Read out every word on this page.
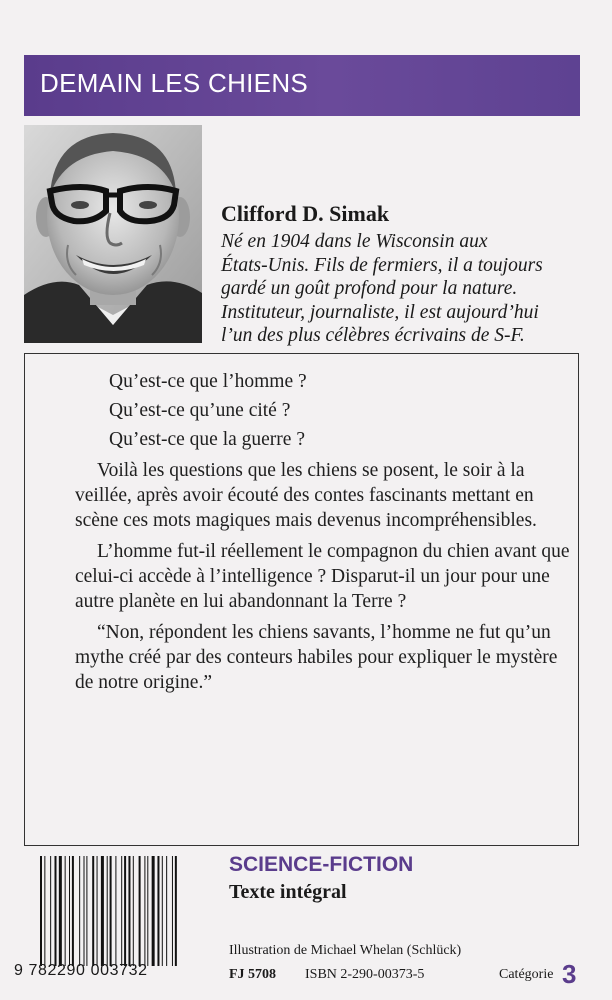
DEMAIN LES CHIENS
Clifford D. Simak
Né en 1904 dans le Wisconsin aux
États-Unis. Fils de fermiers, il a toujours
gardé un goût profond pour la nature.
Instituteur, journaliste, il est aujourd’hui
l’un des plus célèbres écrivains de S-F.

Qu’est-ce que l’homme ?

Qu’est-ce qu’une cité ?

Qu’est-ce que la guerre ?

Voilà les questions que les chiens se posent, le soir à la veillée, après avoir écouté des contes fascinants mettant en scène ces mots magiques mais devenus incompréhensibles.

L’homme fut-il réellement le compagnon du chien avant que celui-ci accède à l’intelligence ? Disparut-il un jour pour une autre planète en lui abandonnant la Terre ?

“Non, répondent les chiens savants, l’homme ne fut qu’un mythe créé par des conteurs habiles pour expliquer le mystère de notre origine.”

9 782290 003732
SCIENCE-FICTION
Texte intégral
Illustration de Michael Whelan (Schlück)
FJ 5708 ISBN 2-290-00373-5	Catégorie 3
